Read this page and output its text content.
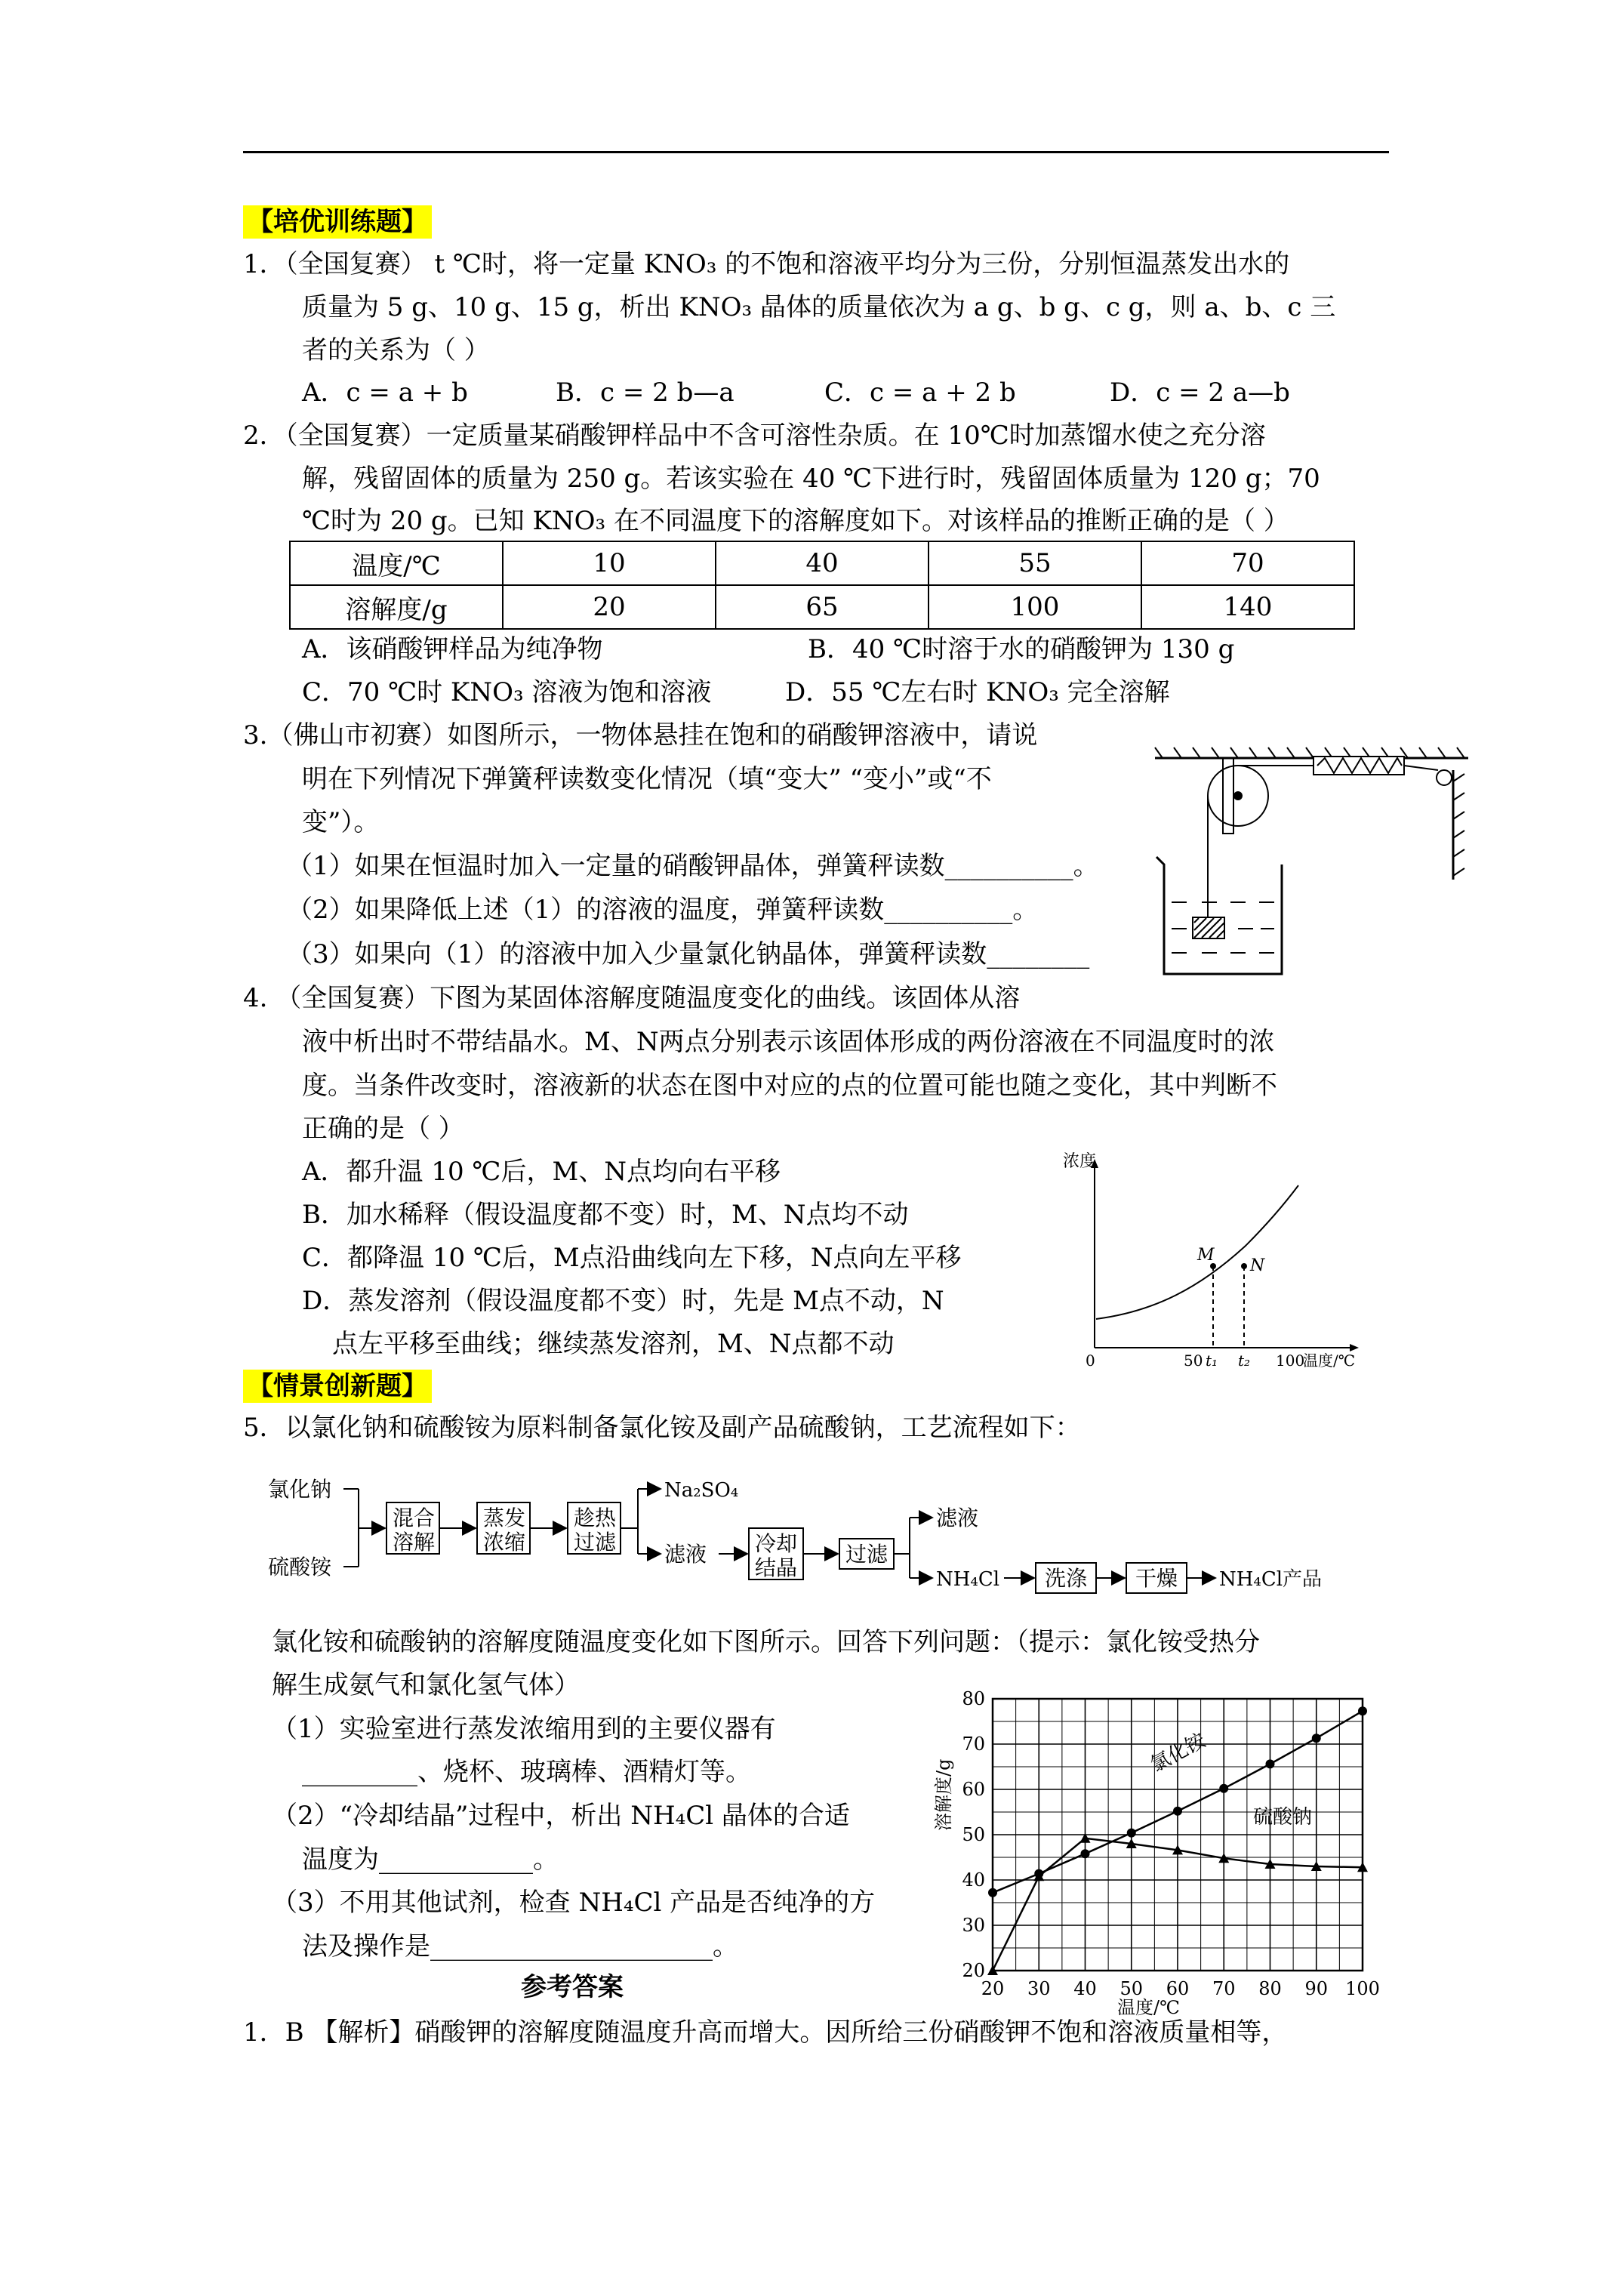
【培优训练题】
1．（全国复赛） t ℃时，将一定量 KNO₃ 的不饱和溶液平均分为三份，分别恒温蒸发出水的
质量为 5 g、10 g、15 g，析出 KNO₃ 晶体的质量依次为 a g、b g、c g，则 a、b、c 三
者的关系为（ ）
A．c = a + b	B．c = 2 b—a	C．c = a + 2 b	D．c = 2 a—b
2．（全国复赛）一定质量某硝酸钾样品中不含可溶性杂质。在 10℃时加蒸馏水使之充分溶
解，残留固体的质量为 250 g。若该实验在 40 ℃下进行时，残留固体质量为 120 g；70
℃时为 20 g。已知 KNO₃ 在不同温度下的溶解度如下。对该样品的推断正确的是（ ）
温度/℃	10	40	55	70
溶解度/g	20	65	100	140
A．该硝酸钾样品为纯净物	B．40 ℃时溶于水的硝酸钾为 130 g
C．70 ℃时 KNO₃ 溶液为饱和溶液	D．55 ℃左右时 KNO₃ 完全溶解
3.（佛山市初赛）如图所示，一物体悬挂在饱和的硝酸钾溶液中，请说
明在下列情况下弹簧秤读数变化情况（填“变大” “变小”或“不
变”）。
（1）如果在恒温时加入一定量的硝酸钾晶体，弹簧秤读数__________。
（2）如果降低上述（1）的溶液的温度，弹簧秤读数__________。
（3）如果向（1）的溶液中加入少量氯化钠晶体，弹簧秤读数________
4. （全国复赛）下图为某固体溶解度随温度变化的曲线。该固体从溶
液中析出时不带结晶水。M、N两点分别表示该固体形成的两份溶液在不同温度时的浓
度。当条件改变时，溶液新的状态在图中对应的点的位置可能也随之变化，其中判断不
正确的是（ ）
A．都升温 10 ℃后，M、N点均向右平移
B．加水稀释（假设温度都不变）时，M、N点均不动
C．都降温 10 ℃后，M点沿曲线向左下移，N点向左平移
D．蒸发溶剂（假设温度都不变）时，先是 M点不动，N
点左平移至曲线；继续蒸发溶剂，M、N点都不动
浓度
M
N
0	50 t₁ t₂ 100
温度/℃
【情景创新题】
5．以氯化钠和硫酸铵为原料制备氯化铵及副产品硫酸钠，工艺流程如下：
氯化钠
硫酸铵
混合
溶解
蒸发
浓缩
趁热
过滤
Na₂SO₄
滤液 冷却
结晶
过滤
滤液
NH₄Cl 洗涤 干燥 NH₄Cl产品
氯化铵和硫酸钠的溶解度随温度变化如下图所示。回答下列问题：（提示：氯化铵受热分
解生成氨气和氯化氢气体）
（1）实验室进行蒸发浓缩用到的主要仪器有
_________、烧杯、玻璃棒、酒精灯等。
（2）“冷却结晶”过程中，析出 NH₄Cl 晶体的合适
温度为____________。
（3）不用其他试剂，检查 NH₄Cl 产品是否纯净的方
法及操作是______________________。
20
30
40
50
60
70
80
20 30 40 50 60 70 80 90 100
溶解度/g
温度/℃
氯化铵
硫酸钠
参考答案
1．B 【解析】硝酸钾的溶解度随温度升高而增大。因所给三份硝酸钾不饱和溶液质量相等，
